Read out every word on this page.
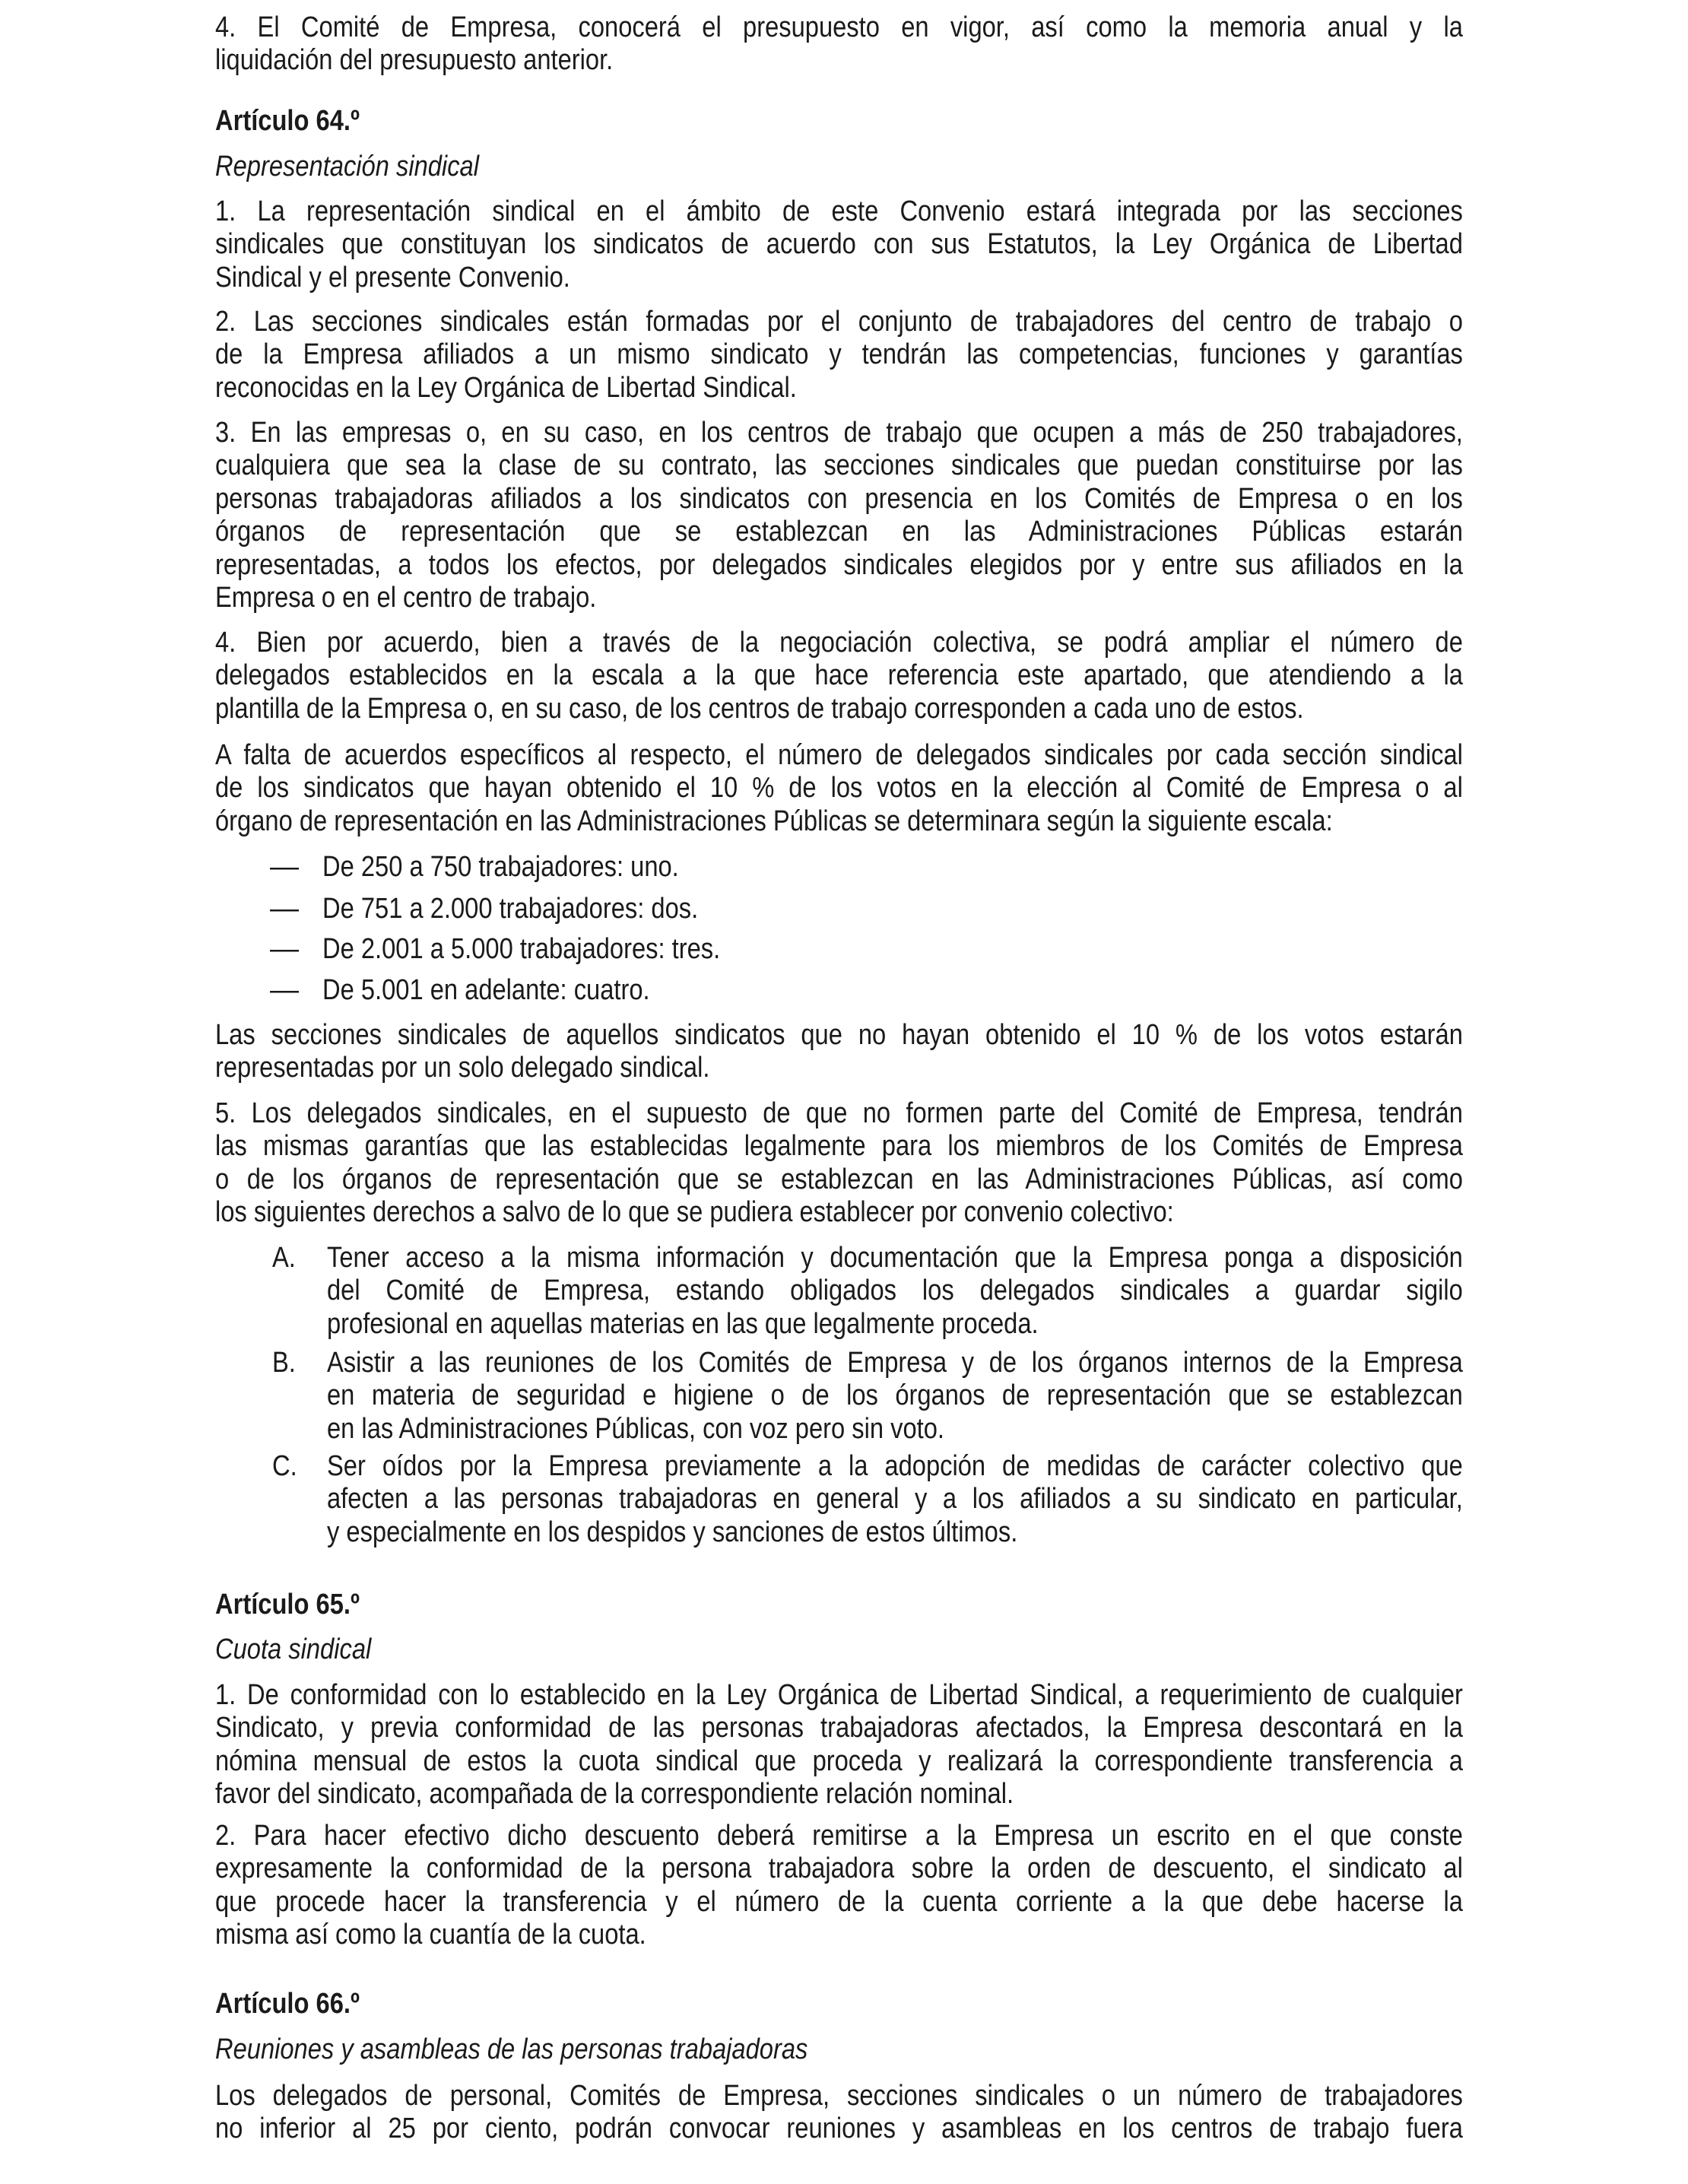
4. El Comité de Empresa, conocerá el presupuesto en vigor, así como la memoria anual y la
liquidación del presupuesto anterior.
Artículo 64.º
Representación sindical
1. La representación sindical en el ámbito de este Convenio estará integrada por las secciones
sindicales que constituyan los sindicatos de acuerdo con sus Estatutos, la Ley Orgánica de Libertad
Sindical y el presente Convenio.
2. Las secciones sindicales están formadas por el conjunto de trabajadores del centro de trabajo o
de la Empresa afiliados a un mismo sindicato y tendrán las competencias, funciones y garantías
reconocidas en la Ley Orgánica de Libertad Sindical.
3. En las empresas o, en su caso, en los centros de trabajo que ocupen a más de 250 trabajadores,
cualquiera que sea la clase de su contrato, las secciones sindicales que puedan constituirse por las
personas trabajadoras afiliados a los sindicatos con presencia en los Comités de Empresa o en los
órganos de representación que se establezcan en las Administraciones Públicas estarán
representadas, a todos los efectos, por delegados sindicales elegidos por y entre sus afiliados en la
Empresa o en el centro de trabajo.
4. Bien por acuerdo, bien a través de la negociación colectiva, se podrá ampliar el número de
delegados establecidos en la escala a la que hace referencia este apartado, que atendiendo a la
plantilla de la Empresa o, en su caso, de los centros de trabajo corresponden a cada uno de estos.
A falta de acuerdos específicos al respecto, el número de delegados sindicales por cada sección sindical
de los sindicatos que hayan obtenido el 10 % de los votos en la elección al Comité de Empresa o al
órgano de representación en las Administraciones Públicas se determinara según la siguiente escala:
— De 250 a 750 trabajadores: uno.
— De 751 a 2.000 trabajadores: dos.
— De 2.001 a 5.000 trabajadores: tres.
— De 5.001 en adelante: cuatro.
Las secciones sindicales de aquellos sindicatos que no hayan obtenido el 10 % de los votos estarán
representadas por un solo delegado sindical.
5. Los delegados sindicales, en el supuesto de que no formen parte del Comité de Empresa, tendrán
las mismas garantías que las establecidas legalmente para los miembros de los Comités de Empresa
o de los órganos de representación que se establezcan en las Administraciones Públicas, así como
los siguientes derechos a salvo de lo que se pudiera establecer por convenio colectivo:
A. Tener acceso a la misma información y documentación que la Empresa ponga a disposición
del Comité de Empresa, estando obligados los delegados sindicales a guardar sigilo
profesional en aquellas materias en las que legalmente proceda.
B. Asistir a las reuniones de los Comités de Empresa y de los órganos internos de la Empresa
en materia de seguridad e higiene o de los órganos de representación que se establezcan
en las Administraciones Públicas, con voz pero sin voto.
C. Ser oídos por la Empresa previamente a la adopción de medidas de carácter colectivo que
afecten a las personas trabajadoras en general y a los afiliados a su sindicato en particular,
y especialmente en los despidos y sanciones de estos últimos.
Artículo 65.º
Cuota sindical
1. De conformidad con lo establecido en la Ley Orgánica de Libertad Sindical, a requerimiento de cualquier
Sindicato, y previa conformidad de las personas trabajadoras afectados, la Empresa descontará en la
nómina mensual de estos la cuota sindical que proceda y realizará la correspondiente transferencia a
favor del sindicato, acompañada de la correspondiente relación nominal.
2. Para hacer efectivo dicho descuento deberá remitirse a la Empresa un escrito en el que conste
expresamente la conformidad de la persona trabajadora sobre la orden de descuento, el sindicato al
que procede hacer la transferencia y el número de la cuenta corriente a la que debe hacerse la
misma así como la cuantía de la cuota.
Artículo 66.º
Reuniones y asambleas de las personas trabajadoras
Los delegados de personal, Comités de Empresa, secciones sindicales o un número de trabajadores
no inferior al 25 por ciento, podrán convocar reuniones y asambleas en los centros de trabajo fuera
